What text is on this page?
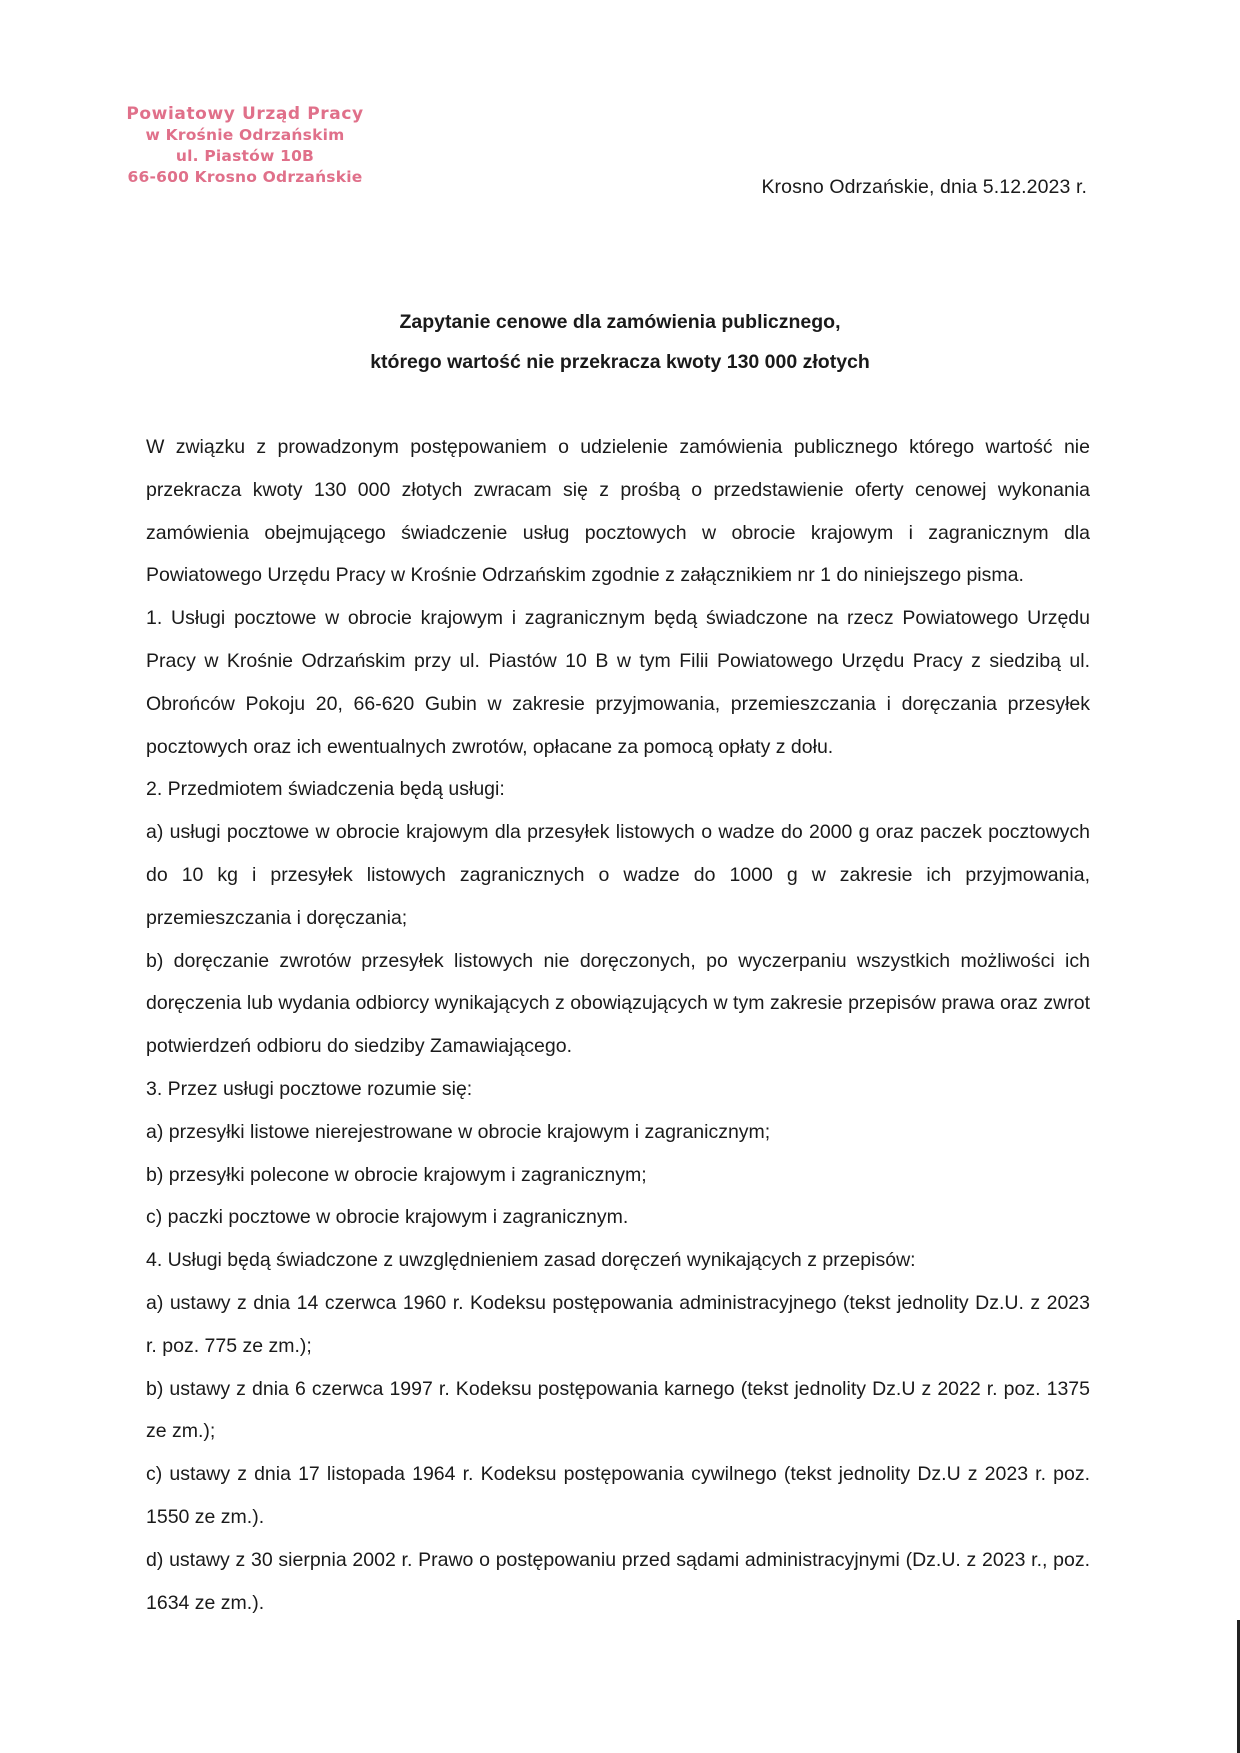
Powiatowy Urząd Pracy
w Krośnie Odrzańskim
ul. Piastów 10B
66-600 Krosno Odrzańskie	Krosno Odrzańskie, dnia 5.12.2023 r.
Zapytanie cenowe dla zamówienia publicznego,
którego wartość nie przekracza kwoty 130 000 złotych

W związku z prowadzonym postępowaniem o udzielenie zamówienia publicznego którego wartość nie przekracza kwoty 130 000 złotych zwracam się z prośbą o przedstawienie oferty cenowej wykonania zamówienia obejmującego świadczenie usług pocztowych w obrocie krajowym i zagranicznym dla Powiatowego Urzędu Pracy w Krośnie Odrzańskim zgodnie z załącznikiem nr 1 do niniejszego pisma.

1. Usługi pocztowe w obrocie krajowym i zagranicznym będą świadczone na rzecz Powiatowego Urzędu Pracy w Krośnie Odrzańskim przy ul. Piastów 10 B w tym Filii Powiatowego Urzędu Pracy z siedzibą ul. Obrońców Pokoju 20, 66-620 Gubin w zakresie przyjmowania, przemieszczania i doręczania przesyłek pocztowych oraz ich ewentualnych zwrotów, opłacane za pomocą opłaty z dołu.

2. Przedmiotem świadczenia będą usługi:

a) usługi pocztowe w obrocie krajowym dla przesyłek listowych o wadze do 2000 g oraz paczek pocztowych do 10 kg i przesyłek listowych zagranicznych o wadze do 1000 g w zakresie ich przyjmowania, przemieszczania i doręczania;

b) doręczanie zwrotów przesyłek listowych nie doręczonych, po wyczerpaniu wszystkich możliwości ich doręczenia lub wydania odbiorcy wynikających z obowiązujących w tym zakresie przepisów prawa oraz zwrot potwierdzeń odbioru do siedziby Zamawiającego.

3. Przez usługi pocztowe rozumie się:

a) przesyłki listowe nierejestrowane w obrocie krajowym i zagranicznym;

b) przesyłki polecone w obrocie krajowym i zagranicznym;

c) paczki pocztowe w obrocie krajowym i zagranicznym.

4. Usługi będą świadczone z uwzględnieniem zasad doręczeń wynikających z przepisów:

a) ustawy z dnia 14 czerwca 1960 r. Kodeksu postępowania administracyjnego (tekst jednolity Dz.U. z 2023 r. poz. 775 ze zm.);

b) ustawy z dnia 6 czerwca 1997 r. Kodeksu postępowania karnego (tekst jednolity Dz.U z 2022 r. poz. 1375 ze zm.);

c) ustawy z dnia 17 listopada 1964 r. Kodeksu postępowania cywilnego (tekst jednolity Dz.U z 2023 r. poz. 1550 ze zm.).

d) ustawy z 30 sierpnia 2002 r. Prawo o postępowaniu przed sądami administracyjnymi (Dz.U. z 2023 r., poz. 1634 ze zm.).
